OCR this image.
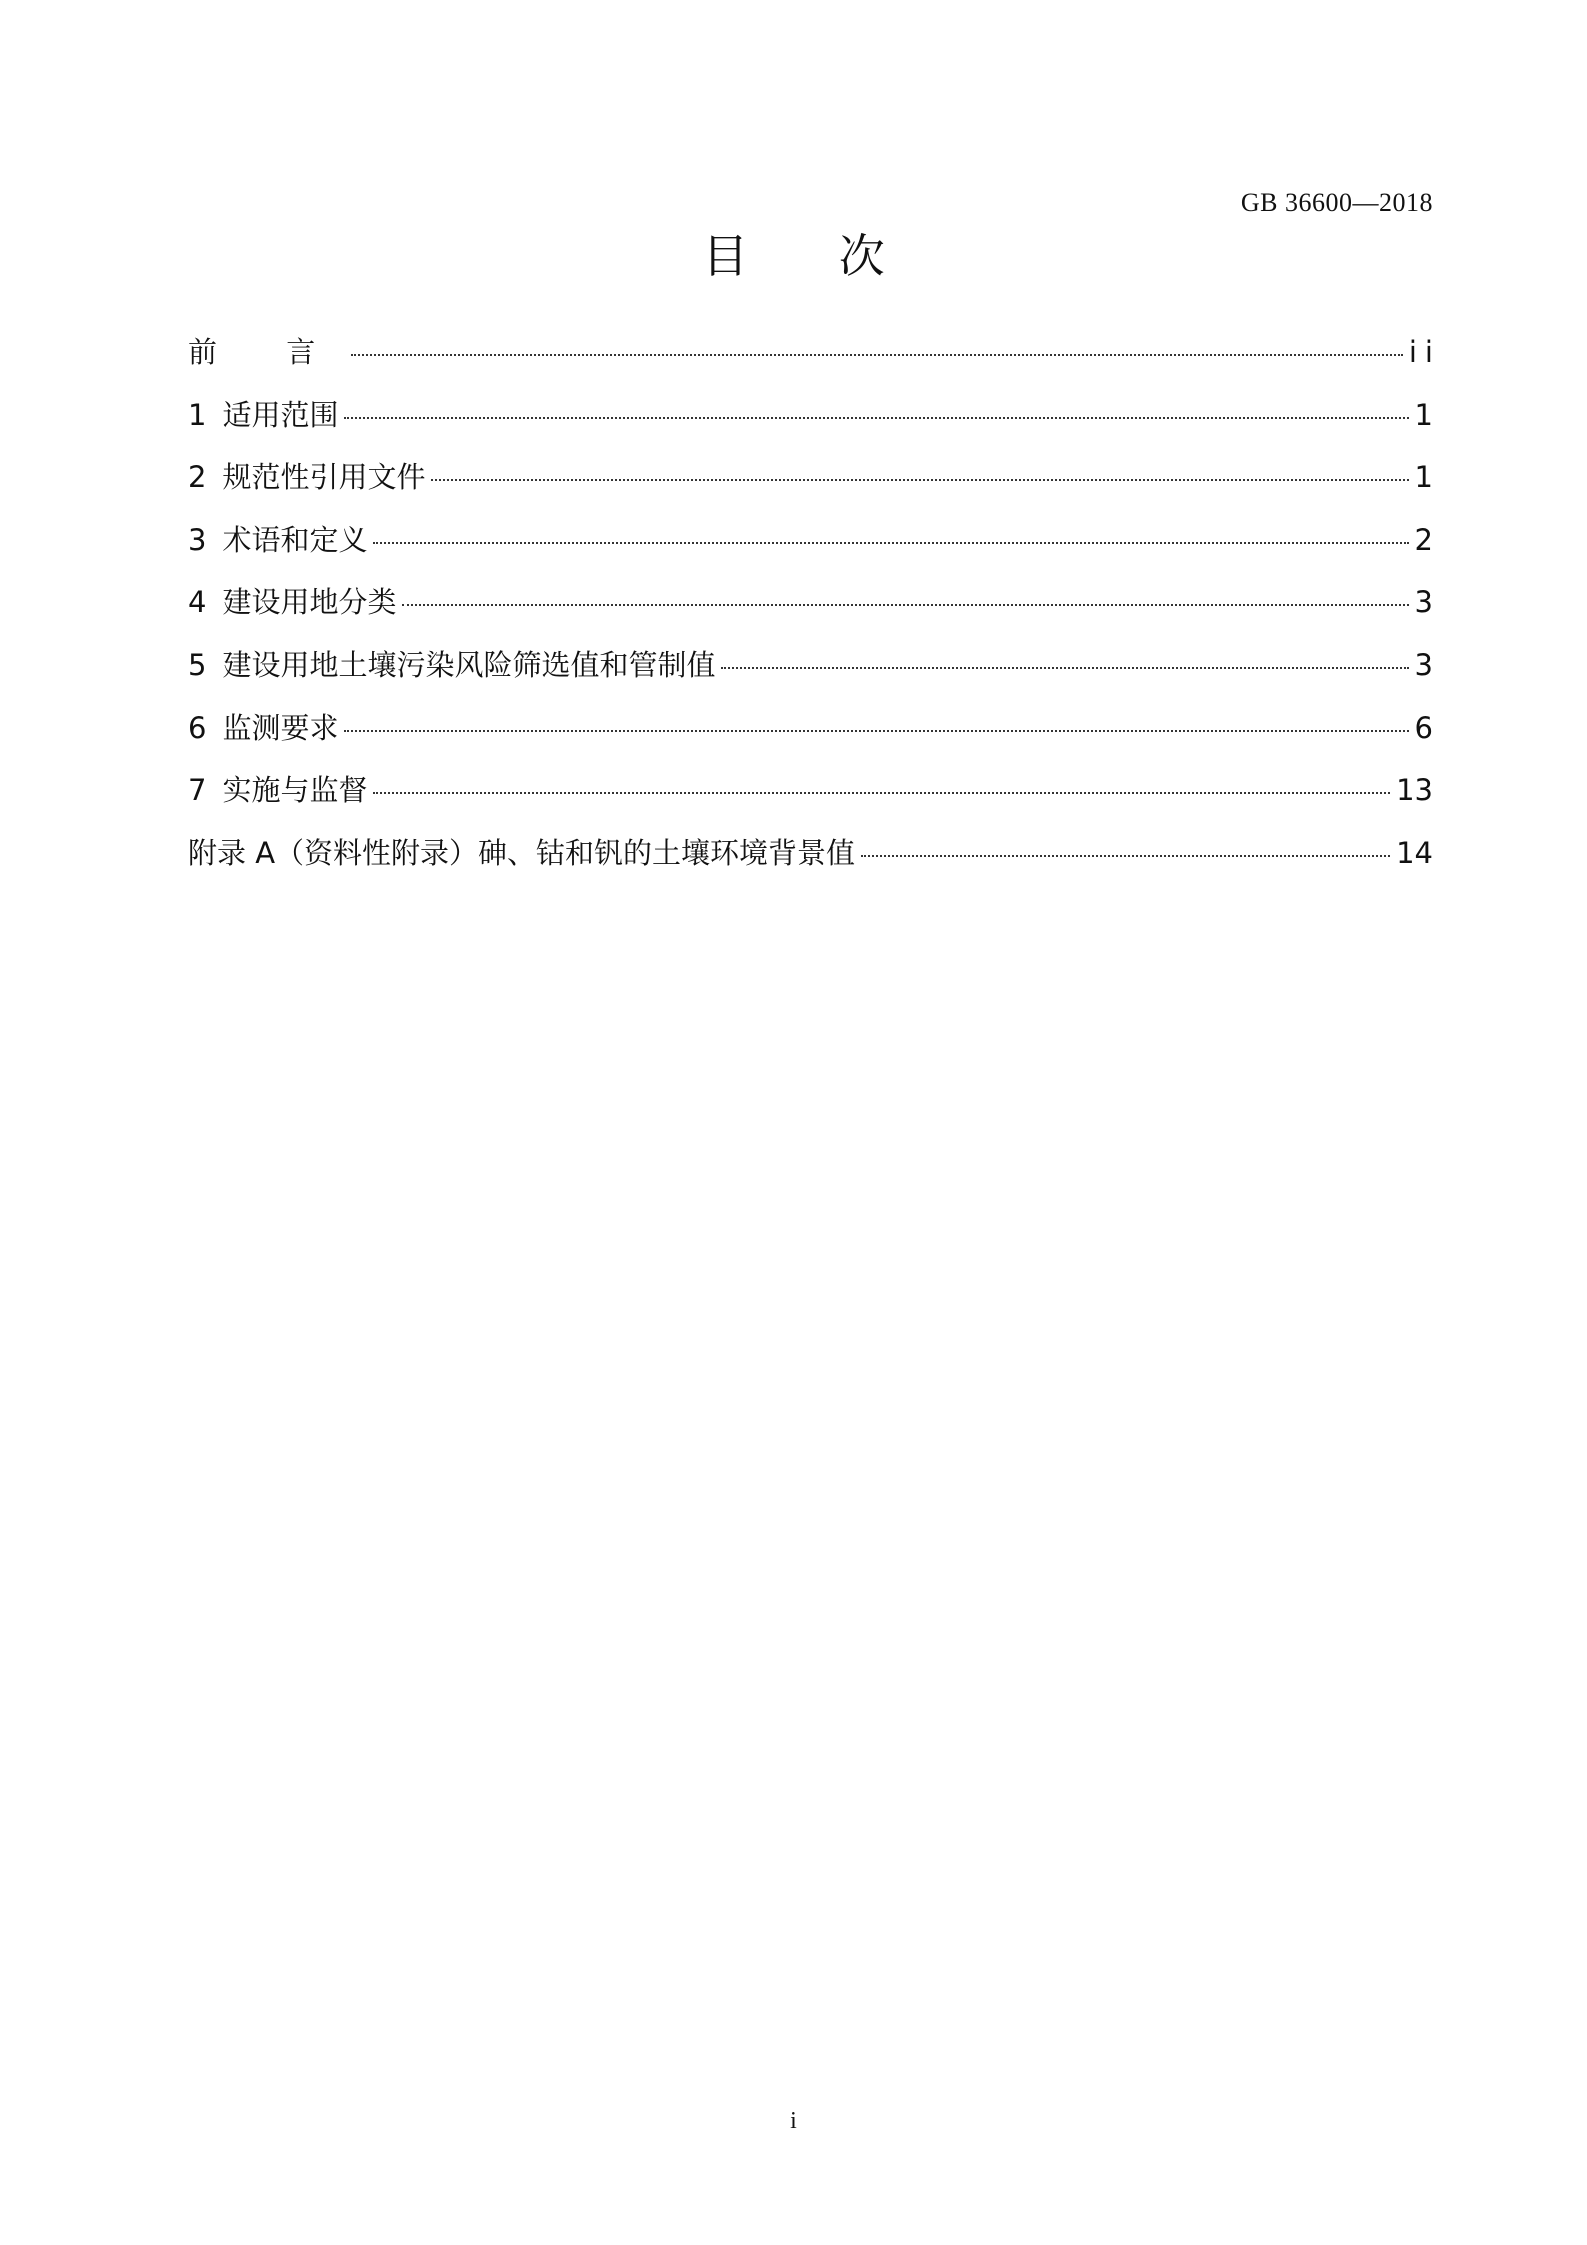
GB 36600—2018
目 次
前 言	ii
1 适用范围	1
2 规范性引用文件	1
3 术语和定义	2
4 建设用地分类	3
5 建设用地土壤污染风险筛选值和管制值	3
6 监测要求	6
7 实施与监督	13
附录 A（资料性附录）砷、钴和钒的土壤环境背景值	14
i
